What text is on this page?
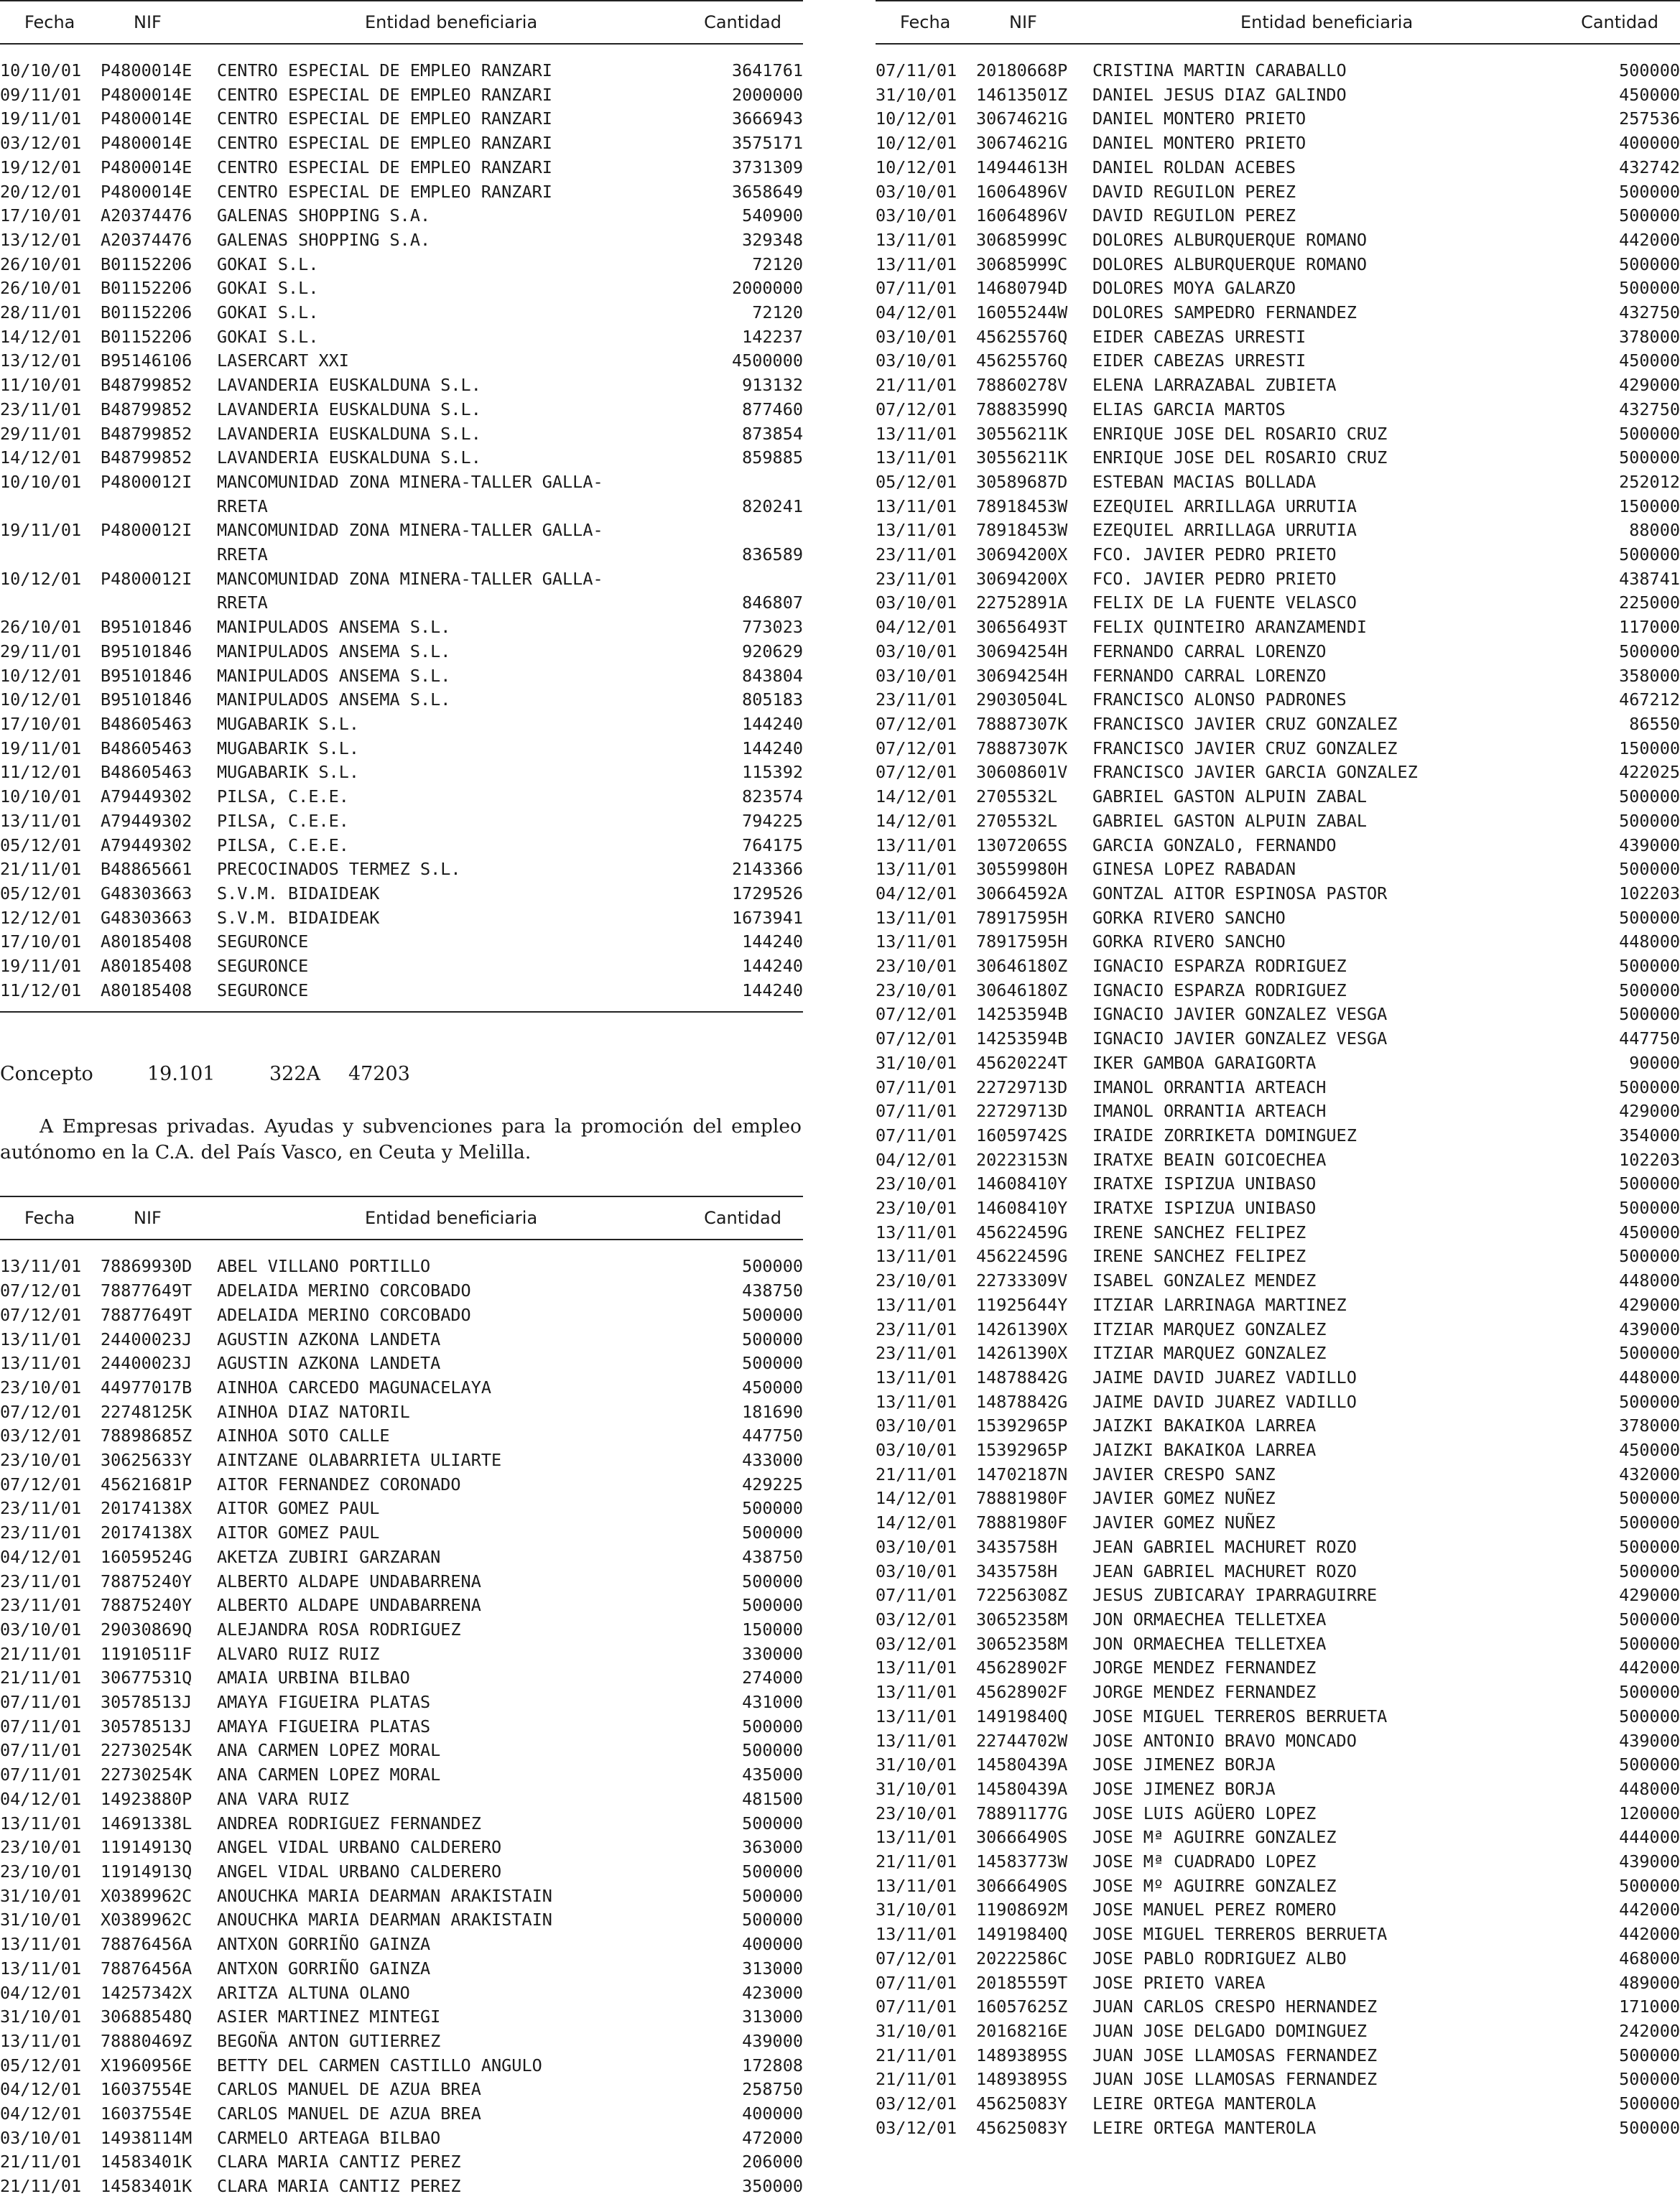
Fecha	NIF	Entidad beneficiaria	Cantidad
10/10/01	P4800014E	CENTRO ESPECIAL DE EMPLEO RANZARI	3641761
09/11/01	P4800014E	CENTRO ESPECIAL DE EMPLEO RANZARI	2000000
19/11/01	P4800014E	CENTRO ESPECIAL DE EMPLEO RANZARI	3666943
03/12/01	P4800014E	CENTRO ESPECIAL DE EMPLEO RANZARI	3575171
19/12/01	P4800014E	CENTRO ESPECIAL DE EMPLEO RANZARI	3731309
20/12/01	P4800014E	CENTRO ESPECIAL DE EMPLEO RANZARI	3658649
17/10/01	A20374476	GALENAS SHOPPING S.A.	540900
13/12/01	A20374476	GALENAS SHOPPING S.A.	329348
26/10/01	B01152206	GOKAI S.L.	72120
26/10/01	B01152206	GOKAI S.L.	2000000
28/11/01	B01152206	GOKAI S.L.	72120
14/12/01	B01152206	GOKAI S.L.	142237
13/12/01	B95146106	LASERCART XXI	4500000
11/10/01	B48799852	LAVANDERIA EUSKALDUNA S.L.	913132
23/11/01	B48799852	LAVANDERIA EUSKALDUNA S.L.	877460
29/11/01	B48799852	LAVANDERIA EUSKALDUNA S.L.	873854
14/12/01	B48799852	LAVANDERIA EUSKALDUNA S.L.	859885
10/10/01	P4800012I	MANCOMUNIDAD ZONA MINERA-TALLER GALLA-
RRETA	820241
19/11/01	P4800012I	MANCOMUNIDAD ZONA MINERA-TALLER GALLA-
RRETA	836589
10/12/01	P4800012I	MANCOMUNIDAD ZONA MINERA-TALLER GALLA-
RRETA	846807
26/10/01	B95101846	MANIPULADOS ANSEMA S.L.	773023
29/11/01	B95101846	MANIPULADOS ANSEMA S.L.	920629
10/12/01	B95101846	MANIPULADOS ANSEMA S.L.	843804
10/12/01	B95101846	MANIPULADOS ANSEMA S.L.	805183
17/10/01	B48605463	MUGABARIK S.L.	144240
19/11/01	B48605463	MUGABARIK S.L.	144240
11/12/01	B48605463	MUGABARIK S.L.	115392
10/10/01	A79449302	PILSA, C.E.E.	823574
13/11/01	A79449302	PILSA, C.E.E.	794225
05/12/01	A79449302	PILSA, C.E.E.	764175
21/11/01	B48865661	PRECOCINADOS TERMEZ S.L.	2143366
05/12/01	G48303663	S.V.M. BIDAIDEAK	1729526
12/12/01	G48303663	S.V.M. BIDAIDEAK	1673941
17/10/01	A80185408	SEGURONCE	144240
19/11/01	A80185408	SEGURONCE	144240
11/12/01	A80185408	SEGURONCE	144240
Concepto	19.101	322A	47203
A Empresas privadas. Ayudas y subvenciones para la promoción del empleo autónomo en la C.A. del País Vasco, en Ceuta y Melilla.
Fecha	NIF	Entidad beneficiaria	Cantidad
13/11/01	78869930D	ABEL VILLANO PORTILLO	500000
07/12/01	78877649T	ADELAIDA MERINO CORCOBADO	438750
07/12/01	78877649T	ADELAIDA MERINO CORCOBADO	500000
13/11/01	24400023J	AGUSTIN AZKONA LANDETA	500000
13/11/01	24400023J	AGUSTIN AZKONA LANDETA	500000
23/10/01	44977017B	AINHOA CARCEDO MAGUNACELAYA	450000
07/12/01	22748125K	AINHOA DIAZ NATORIL	181690
03/12/01	78898685Z	AINHOA SOTO CALLE	447750
23/10/01	30625633Y	AINTZANE OLABARRIETA ULIARTE	433000
07/12/01	45621681P	AITOR FERNANDEZ CORONADO	429225
23/11/01	20174138X	AITOR GOMEZ PAUL	500000
23/11/01	20174138X	AITOR GOMEZ PAUL	500000
04/12/01	16059524G	AKETZA ZUBIRI GARZARAN	438750
23/11/01	78875240Y	ALBERTO ALDAPE UNDABARRENA	500000
23/11/01	78875240Y	ALBERTO ALDAPE UNDABARRENA	500000
03/10/01	29030869Q	ALEJANDRA ROSA RODRIGUEZ	150000
21/11/01	11910511F	ALVARO RUIZ RUIZ	330000
21/11/01	30677531Q	AMAIA URBINA BILBAO	274000
07/11/01	30578513J	AMAYA FIGUEIRA PLATAS	431000
07/11/01	30578513J	AMAYA FIGUEIRA PLATAS	500000
07/11/01	22730254K	ANA CARMEN LOPEZ MORAL	500000
07/11/01	22730254K	ANA CARMEN LOPEZ MORAL	435000
04/12/01	14923880P	ANA VARA RUIZ	481500
13/11/01	14691338L	ANDREA RODRIGUEZ FERNANDEZ	500000
23/10/01	11914913Q	ANGEL VIDAL URBANO CALDERERO	363000
23/10/01	11914913Q	ANGEL VIDAL URBANO CALDERERO	500000
31/10/01	X0389962C	ANOUCHKA MARIA DEARMAN ARAKISTAIN	500000
31/10/01	X0389962C	ANOUCHKA MARIA DEARMAN ARAKISTAIN	500000
13/11/01	78876456A	ANTXON GORRIÑO GAINZA	400000
13/11/01	78876456A	ANTXON GORRIÑO GAINZA	313000
04/12/01	14257342X	ARITZA ALTUNA OLANO	423000
31/10/01	30688548Q	ASIER MARTINEZ MINTEGI	313000
13/11/01	78880469Z	BEGOÑA ANTON GUTIERREZ	439000
05/12/01	X1960956E	BETTY DEL CARMEN CASTILLO ANGULO	172808
04/12/01	16037554E	CARLOS MANUEL DE AZUA BREA	258750
04/12/01	16037554E	CARLOS MANUEL DE AZUA BREA	400000
03/10/01	14938114M	CARMELO ARTEAGA BILBAO	472000
21/11/01	14583401K	CLARA MARIA CANTIZ PEREZ	206000
21/11/01	14583401K	CLARA MARIA CANTIZ PEREZ	350000
Fecha	NIF	Entidad beneficiaria	Cantidad
07/11/01	20180668P	CRISTINA MARTIN CARABALLO	500000
31/10/01	14613501Z	DANIEL JESUS DIAZ GALINDO	450000
10/12/01	30674621G	DANIEL MONTERO PRIETO	257536
10/12/01	30674621G	DANIEL MONTERO PRIETO	400000
10/12/01	14944613H	DANIEL ROLDAN ACEBES	432742
03/10/01	16064896V	DAVID REGUILON PEREZ	500000
03/10/01	16064896V	DAVID REGUILON PEREZ	500000
13/11/01	30685999C	DOLORES ALBURQUERQUE ROMANO	442000
13/11/01	30685999C	DOLORES ALBURQUERQUE ROMANO	500000
07/11/01	14680794D	DOLORES MOYA GALARZO	500000
04/12/01	16055244W	DOLORES SAMPEDRO FERNANDEZ	432750
03/10/01	45625576Q	EIDER CABEZAS URRESTI	378000
03/10/01	45625576Q	EIDER CABEZAS URRESTI	450000
21/11/01	78860278V	ELENA LARRAZABAL ZUBIETA	429000
07/12/01	78883599Q	ELIAS GARCIA MARTOS	432750
13/11/01	30556211K	ENRIQUE JOSE DEL ROSARIO CRUZ	500000
13/11/01	30556211K	ENRIQUE JOSE DEL ROSARIO CRUZ	500000
05/12/01	30589687D	ESTEBAN MACIAS BOLLADA	252012
13/11/01	78918453W	EZEQUIEL ARRILLAGA URRUTIA	150000
13/11/01	78918453W	EZEQUIEL ARRILLAGA URRUTIA	88000
23/11/01	30694200X	FCO. JAVIER PEDRO PRIETO	500000
23/11/01	30694200X	FCO. JAVIER PEDRO PRIETO	438741
03/10/01	22752891A	FELIX DE LA FUENTE VELASCO	225000
04/12/01	30656493T	FELIX QUINTEIRO ARANZAMENDI	117000
03/10/01	30694254H	FERNANDO CARRAL LORENZO	500000
03/10/01	30694254H	FERNANDO CARRAL LORENZO	358000
23/11/01	29030504L	FRANCISCO ALONSO PADRONES	467212
07/12/01	78887307K	FRANCISCO JAVIER CRUZ GONZALEZ	86550
07/12/01	78887307K	FRANCISCO JAVIER CRUZ GONZALEZ	150000
07/12/01	30608601V	FRANCISCO JAVIER GARCIA GONZALEZ	422025
14/12/01	2705532L	GABRIEL GASTON ALPUIN ZABAL	500000
14/12/01	2705532L	GABRIEL GASTON ALPUIN ZABAL	500000
13/11/01	13072065S	GARCIA GONZALO, FERNANDO	439000
13/11/01	30559980H	GINESA LOPEZ RABADAN	500000
04/12/01	30664592A	GONTZAL AITOR ESPINOSA PASTOR	102203
13/11/01	78917595H	GORKA RIVERO SANCHO	500000
13/11/01	78917595H	GORKA RIVERO SANCHO	448000
23/10/01	30646180Z	IGNACIO ESPARZA RODRIGUEZ	500000
23/10/01	30646180Z	IGNACIO ESPARZA RODRIGUEZ	500000
07/12/01	14253594B	IGNACIO JAVIER GONZALEZ VESGA	500000
07/12/01	14253594B	IGNACIO JAVIER GONZALEZ VESGA	447750
31/10/01	45620224T	IKER GAMBOA GARAIGORTA	90000
07/11/01	22729713D	IMANOL ORRANTIA ARTEACH	500000
07/11/01	22729713D	IMANOL ORRANTIA ARTEACH	429000
07/11/01	16059742S	IRAIDE ZORRIKETA DOMINGUEZ	354000
04/12/01	20223153N	IRATXE BEAIN GOICOECHEA	102203
23/10/01	14608410Y	IRATXE ISPIZUA UNIBASO	500000
23/10/01	14608410Y	IRATXE ISPIZUA UNIBASO	500000
13/11/01	45622459G	IRENE SANCHEZ FELIPEZ	450000
13/11/01	45622459G	IRENE SANCHEZ FELIPEZ	500000
23/10/01	22733309V	ISABEL GONZALEZ MENDEZ	448000
13/11/01	11925644Y	ITZIAR LARRINAGA MARTINEZ	429000
23/11/01	14261390X	ITZIAR MARQUEZ GONZALEZ	439000
23/11/01	14261390X	ITZIAR MARQUEZ GONZALEZ	500000
13/11/01	14878842G	JAIME DAVID JUAREZ VADILLO	448000
13/11/01	14878842G	JAIME DAVID JUAREZ VADILLO	500000
03/10/01	15392965P	JAIZKI BAKAIKOA LARREA	378000
03/10/01	15392965P	JAIZKI BAKAIKOA LARREA	450000
21/11/01	14702187N	JAVIER CRESPO SANZ	432000
14/12/01	78881980F	JAVIER GOMEZ NUÑEZ	500000
14/12/01	78881980F	JAVIER GOMEZ NUÑEZ	500000
03/10/01	3435758H	JEAN GABRIEL MACHURET ROZO	500000
03/10/01	3435758H	JEAN GABRIEL MACHURET ROZO	500000
07/11/01	72256308Z	JESUS ZUBICARAY IPARRAGUIRRE	429000
03/12/01	30652358M	JON ORMAECHEA TELLETXEA	500000
03/12/01	30652358M	JON ORMAECHEA TELLETXEA	500000
13/11/01	45628902F	JORGE MENDEZ FERNANDEZ	442000
13/11/01	45628902F	JORGE MENDEZ FERNANDEZ	500000
13/11/01	14919840Q	JOSE MIGUEL TERREROS BERRUETA	500000
13/11/01	22744702W	JOSE ANTONIO BRAVO MONCADO	439000
31/10/01	14580439A	JOSE JIMENEZ BORJA	500000
31/10/01	14580439A	JOSE JIMENEZ BORJA	448000
23/10/01	78891177G	JOSE LUIS AGÜERO LOPEZ	120000
13/11/01	30666490S	JOSE Mª AGUIRRE GONZALEZ	444000
21/11/01	14583773W	JOSE Mª CUADRADO LOPEZ	439000
13/11/01	30666490S	JOSE Mº AGUIRRE GONZALEZ	500000
31/10/01	11908692M	JOSE MANUEL PEREZ ROMERO	442000
13/11/01	14919840Q	JOSE MIGUEL TERREROS BERRUETA	442000
07/12/01	20222586C	JOSE PABLO RODRIGUEZ ALBO	468000
07/11/01	20185559T	JOSE PRIETO VAREA	489000
07/11/01	16057625Z	JUAN CARLOS CRESPO HERNANDEZ	171000
31/10/01	20168216E	JUAN JOSE DELGADO DOMINGUEZ	242000
21/11/01	14893895S	JUAN JOSE LLAMOSAS FERNANDEZ	500000
21/11/01	14893895S	JUAN JOSE LLAMOSAS FERNANDEZ	500000
03/12/01	45625083Y	LEIRE ORTEGA MANTEROLA	500000
03/12/01	45625083Y	LEIRE ORTEGA MANTEROLA	500000
